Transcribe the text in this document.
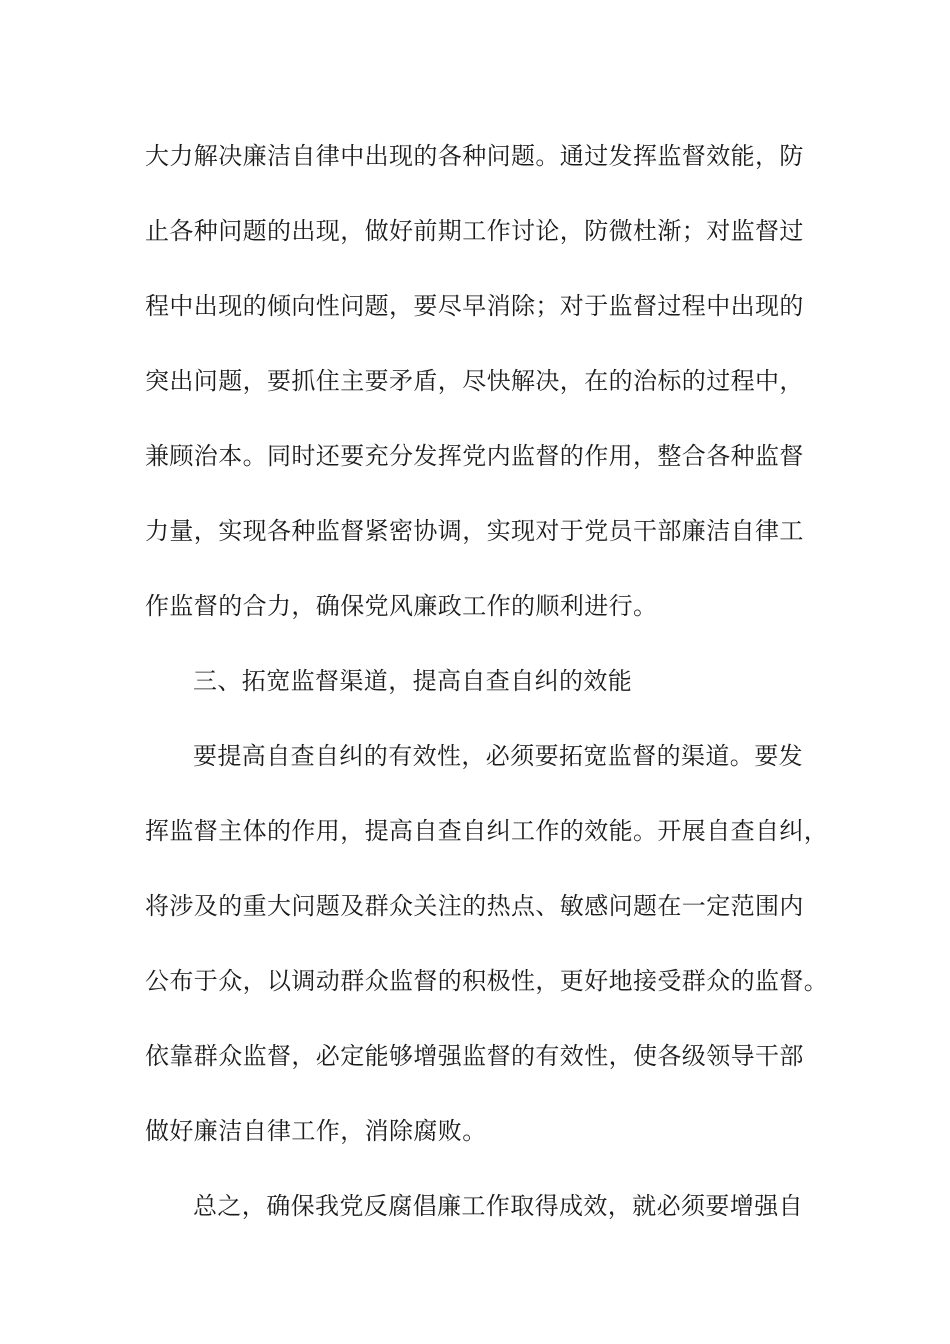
大力解决廉洁自律中出现的各种问题。通过发挥监督效能，防
止各种问题的出现，做好前期工作讨论，防微杜渐；对监督过
程中出现的倾向性问题，要尽早消除；对于监督过程中出现的
突出问题，要抓住主要矛盾，尽快解决，在的治标的过程中，
兼顾治本。同时还要充分发挥党内监督的作用，整合各种监督
力量，实现各种监督紧密协调，实现对于党员干部廉洁自律工
作监督的合力，确保党风廉政工作的顺利进行。
三、拓宽监督渠道，提高自查自纠的效能
要提高自查自纠的有效性，必须要拓宽监督的渠道。要发
挥监督主体的作用，提高自查自纠工作的效能。开展自查自纠，
将涉及的重大问题及群众关注的热点、敏感问题在一定范围内
公布于众，以调动群众监督的积极性，更好地接受群众的监督。
依靠群众监督，必定能够增强监督的有效性，使各级领导干部
做好廉洁自律工作，消除腐败。
总之，确保我党反腐倡廉工作取得成效，就必须要增强自
